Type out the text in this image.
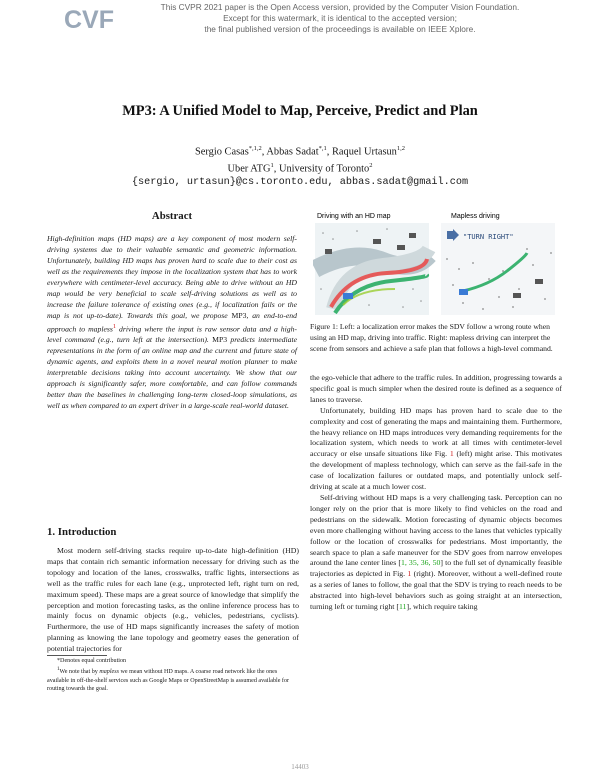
CVF	This CVPR 2021 paper is the Open Access version, provided by the Computer Vision Foundation.
Except for this watermark, it is identical to the accepted version;
the final published version of the proceedings is available on IEEE Xplore.
MP3: A Unified Model to Map, Perceive, Predict and Plan
Sergio Casas$^{*,1,2}$, Abbas Sadat$^{*,1}$, Raquel Urtasun$^{1,2}$
Uber ATG$^1$, University of Toronto$^2$
{sergio, urtasun}@cs.toronto.edu, abbas.sadat@gmail.com
Abstract
High-definition maps (HD maps) are a key component of most modern self-driving systems due to their valuable semantic and geometric information. Unfortunately, building HD maps has proven hard to scale due to their cost as well as the requirements they impose in the localization system that has to work everywhere with centimeter-level accuracy. Being able to drive without an HD map would be very beneficial to scale self-driving solutions as well as to increase the failure tolerance of existing ones (e.g., if localization fails or the map is not up-to-date). Towards this goal, we propose MP3, an end-to-end approach to mapless$^1$ driving where the input is raw sensor data and a high-level command (e.g., turn left at the intersection). MP3 predicts intermediate representations in the form of an online map and the current and future state of dynamic agents, and exploits them in a novel neural motion planner to make interpretable decisions taking into account uncertainty. We show that our approach is significantly safer, more comfortable, and can follow commands better than the baselines in challenging long-term closed-loop simulations, as well as when compared to an expert driver in a large-scale real-world dataset.
1. Introduction
Most modern self-driving stacks require up-to-date high-definition (HD) maps that contain rich semantic information necessary for driving such as the topology and location of the lanes, crosswalks, traffic lights, intersections as well as the traffic rules for each lane (e.g., unprotected left, right turn on red, maximum speed). These maps are a great source of knowledge that simplify the perception and motion forecasting tasks, as the online inference process has to mainly focus on dynamic objects (e.g., vehicles, pedestrians, cyclists). Furthermore, the use of HD maps significantly increases the safety of motion planning as knowing the lane topology and geometry eases the generation of potential trajectories for
*Denotes equal contribution
$^1$We note that by mapless we mean without HD maps. A coarse road network like the ones available in off-the-shelf services such as Google Maps or OpenStreetMap is assumed available for routing towards the goal.
Driving with an HD map	Mapless driving
"TURN RIGHT"
Figure 1: Left: a localization error makes the SDV follow a wrong route when using an HD map, driving into traffic. Right: mapless driving can interpret the scene from sensors and achieve a safe plan that follows a high-level command.

the ego-vehicle that adhere to the traffic rules. In addition, progressing towards a specific goal is much simpler when the desired route is defined as a sequence of lanes to traverse.

Unfortunately, building HD maps has proven hard to scale due to the complexity and cost of generating the maps and maintaining them. Furthermore, the heavy reliance on HD maps introduces very demanding requirements for the localization system, which needs to work at all times with centimeter-level accuracy or else unsafe situations like Fig. 1 (left) might arise. This motivates the development of mapless technology, which can serve as the fail-safe in the case of localization failures or outdated maps, and potentially unlock self-driving at scale at a much lower cost.

Self-driving without HD maps is a very challenging task. Perception can no longer rely on the prior that is more likely to find vehicles on the road and pedestrians on the sidewalk. Motion forecasting of dynamic objects becomes even more challenging without having access to the lanes that vehicles typically follow or the location of crosswalks for pedestrians. Most importantly, the search space to plan a safe maneuver for the SDV goes from narrow envelopes around the lane center lines [1, 35, 36, 50] to the full set of dynamically feasible trajectories as depicted in Fig. 1 (right). Moreover, without a well-defined route as a series of lanes to follow, the goal that the SDV is trying to reach needs to be abstracted into high-level behaviors such as going straight at an intersection, turning left or turning right [11], which require taking

14403
